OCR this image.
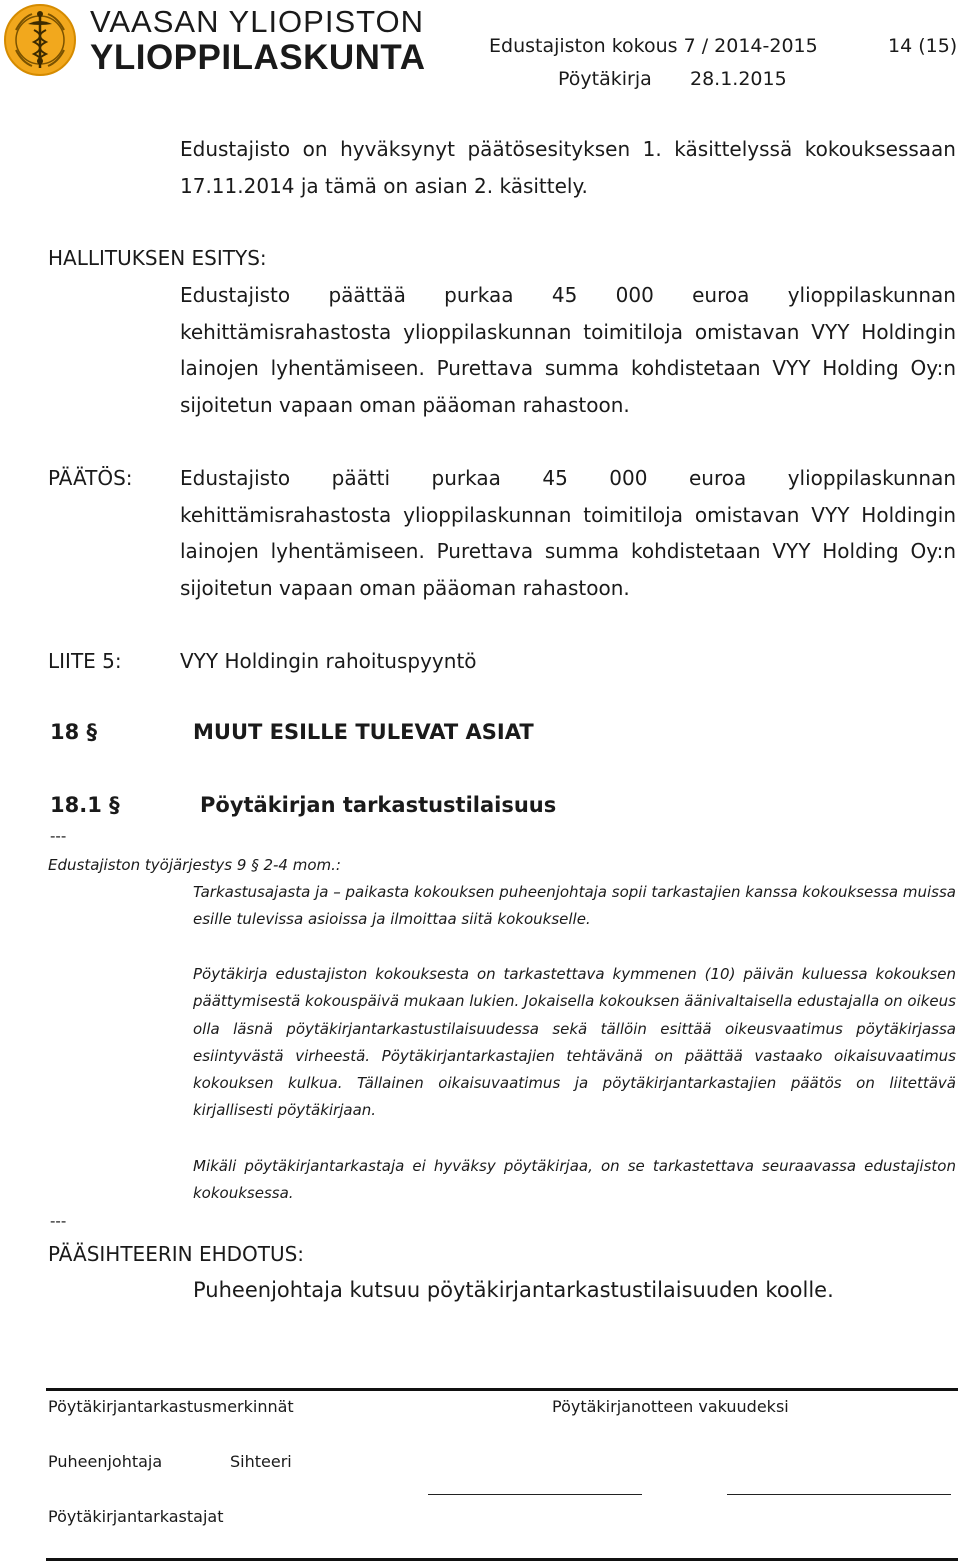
VAASAN YLIOPISTON
YLIOPPILASKUNTA	Edustajiston kokous 7 / 2014-2015	14 (15)
Pöytäkirja 28.1.2015
Edustajisto on hyväksynyt päätösesityksen 1. käsittelyssä kokouksessaan 17.11.2014 ja tämä on asian 2. käsittely.
HALLITUKSEN ESITYS:
Edustajisto päättää purkaa 45 000 euroa ylioppilaskunnan kehittämisrahastosta ylioppilaskunnan toimitiloja omistavan VYY Holdingin lainojen lyhentämiseen. Purettava summa kohdistetaan VYY Holding Oy:n sijoitetun vapaan oman pääoman rahastoon.
PÄÄTÖS: Edustajisto päätti purkaa 45 000 euroa ylioppilaskunnan kehittämisrahastosta ylioppilaskunnan toimitiloja omistavan VYY Holdingin lainojen lyhentämiseen. Purettava summa kohdistetaan VYY Holding Oy:n sijoitetun vapaan oman pääoman rahastoon.
LIITE 5:	VYY Holdingin rahoituspyyntö
18 §	MUUT ESILLE TULEVAT ASIAT
18.1 §	Pöytäkirjan tarkastustilaisuus
---
Edustajiston työjärjestys 9 § 2-4 mom.:
Tarkastusajasta ja – paikasta kokouksen puheenjohtaja sopii tarkastajien kanssa kokouksessa muissa esille tulevissa asioissa ja ilmoittaa siitä kokoukselle.
Pöytäkirja edustajiston kokouksesta on tarkastettava kymmenen (10) päivän kuluessa kokouksen päättymisestä kokouspäivä mukaan lukien. Jokaisella kokouksen äänivaltaisella edustajalla on oikeus olla läsnä pöytäkirjantarkastustilaisuudessa sekä tällöin esittää oikeusvaatimus pöytäkirjassa esiintyvästä virheestä. Pöytäkirjantarkastajien tehtävänä on päättää vastaako oikaisuvaatimus kokouksen kulkua. Tällainen oikaisuvaatimus ja pöytäkirjantarkastajien päätös on liitettävä kirjallisesti pöytäkirjaan.
Mikäli pöytäkirjantarkastaja ei hyväksy pöytäkirjaa, on se tarkastettava seuraavassa edustajiston kokouksessa.
---
PÄÄSIHTEERIN EHDOTUS:
Puheenjohtaja kutsuu pöytäkirjantarkastustilaisuuden koolle.
Pöytäkirjantarkastusmerkinnät	Pöytäkirjanotteen vakuudeksi
Puheenjohtaja	Sihteeri
Pöytäkirjantarkastajat
